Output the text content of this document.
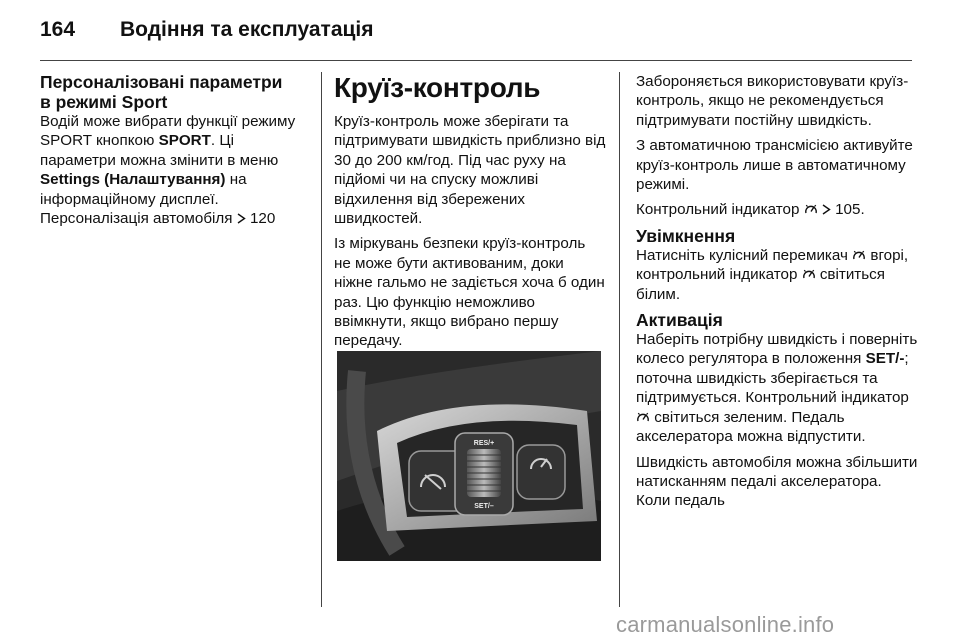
164 Водіння та експлуатація
Персоналізовані параметри
в режимі Sport

Водій може вибрати функції режиму SPORT кнопкою SPORT. Ці параметри можна змінити в меню Settings (Налаштування) на інформаційному дисплеї.

Персоналізація автомобіля  120

Круїз-контроль

Круїз-контроль може зберігати та підтримувати швидкість приблизно від 30 до 200 км/год. Під час руху на підйомі чи на спуску можливі відхилення від збережених швидкостей.

Із міркувань безпеки круїз-контроль не може бути активованим, доки ніжне гальмо не задіється хоча б один раз. Цю функцію неможливо ввімкнути, якщо вибрано першу передачу.

RES/+
SET/–

Забороняється використовувати круїз-контроль, якщо не рекомендується підтримувати постійну швидкість.

З автоматичною трансмісією активуйте круїз-контроль лише в автоматичному режимі.

Контрольний індикатор   105.

Увімкнення

Натисніть кулісний перемикач  вгорі, контрольний індикатор  світиться білим.

Активація

Наберіть потрібну швидкість і поверніть колесо регулятора в положення SET/-; поточна швидкість зберігається та підтримується. Контрольний індикатор  світиться зеленим. Педаль акселератора можна відпустити.

Швидкість автомобіля можна збільшити натисканням педалі акселератора. Коли педаль

carmanualsonline.info
